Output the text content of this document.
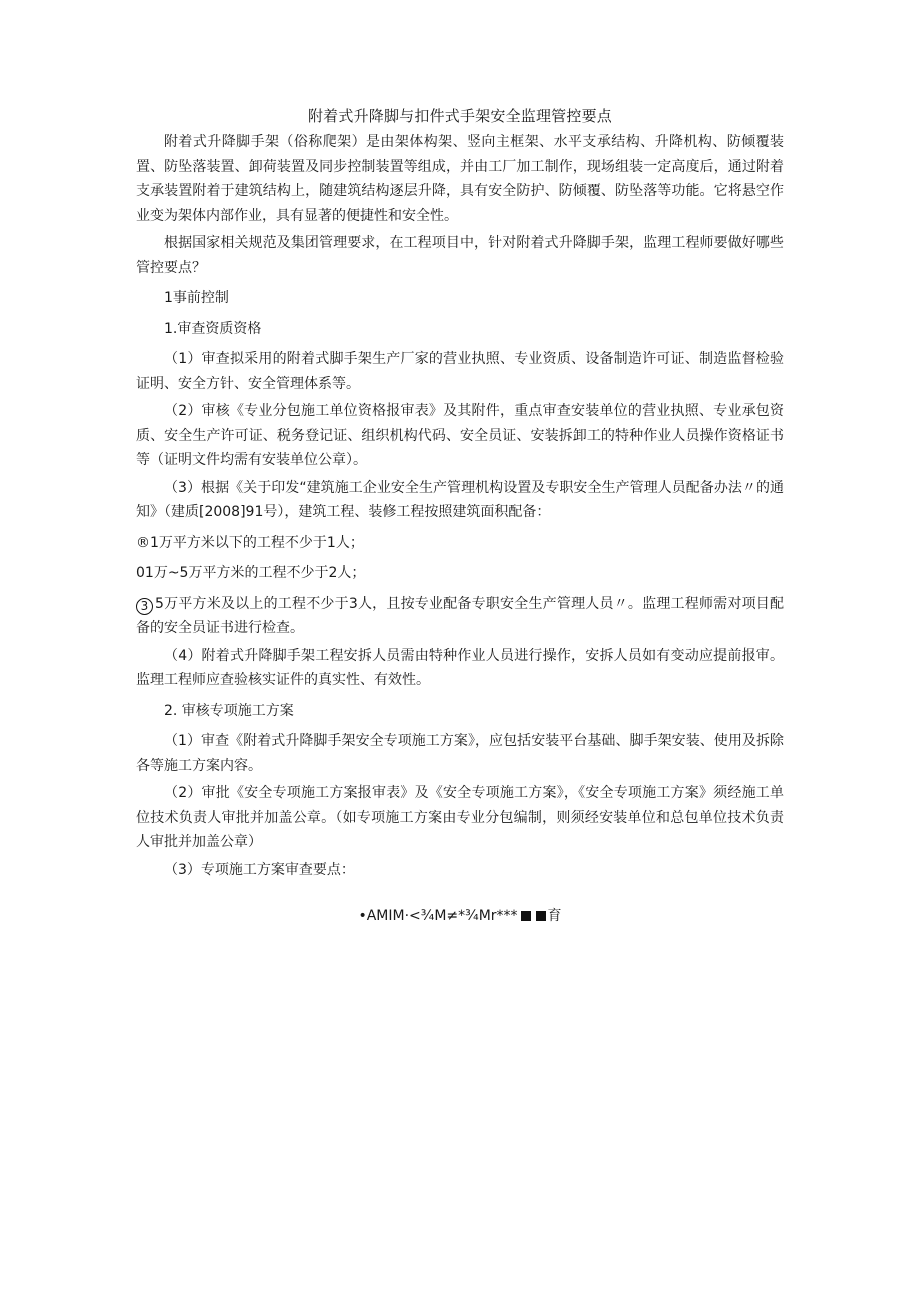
附着式升降脚与扣件式手架安全监理管控要点

附着式升降脚手架（俗称爬架）是由架体构架、竖向主框架、水平支承结构、升降机构、防倾覆装置、防坠落装置、卸荷装置及同步控制装置等组成，并由工厂加工制作，现场组装一定高度后，通过附着支承装置附着于建筑结构上，随建筑结构逐层升降，具有安全防护、防倾覆、防坠落等功能。它将悬空作业变为架体内部作业，具有显著的便捷性和安全性。

根据国家相关规范及集团管理要求，在工程项目中，针对附着式升降脚手架，监理工程师要做好哪些管控要点？

1事前控制

1.审查资质资格

（1）审查拟采用的附着式脚手架生产厂家的营业执照、专业资质、设备制造许可证、制造监督检验证明、安全方针、安全管理体系等。

（2）审核《专业分包施工单位资格报审表》及其附件，重点审查安装单位的营业执照、专业承包资质、安全生产许可证、税务登记证、组织机构代码、安全员证、安装拆卸工的特种作业人员操作资格证书等（证明文件均需有安装单位公章）。

（3）根据《关于印发“建筑施工企业安全生产管理机构设置及专职安全生产管理人员配备办法〃的通知》（建质[2008]91号），建筑工程、装修工程按照建筑面积配备：

®1万平方米以下的工程不少于1人；

01万~5万平方米的工程不少于2人；

3 5万平方米及以上的工程不少于3人，且按专业配备专职安全生产管理人员〃。监理工程师需对项目配备的安全员证书进行检查。

（4）附着式升降脚手架工程安拆人员需由特种作业人员进行操作，安拆人员如有变动应提前报审。监理工程师应查验核实证件的真实性、有效性。

2. 审核专项施工方案

（1）审查《附着式升降脚手架安全专项施工方案》，应包括安装平台基础、脚手架安装、使用及拆除各等施工方案内容。

（2）审批《安全专项施工方案报审表》及《安全专项施工方案》，《安全专项施工方案》须经施工单位技术负责人审批并加盖公章。（如专项施工方案由专业分包编制，则须经安装单位和总包单位技术负责人审批并加盖公章）

（3）专项施工方案审查要点：

•AMIM·<¾M≠*¾Mr*** 育
